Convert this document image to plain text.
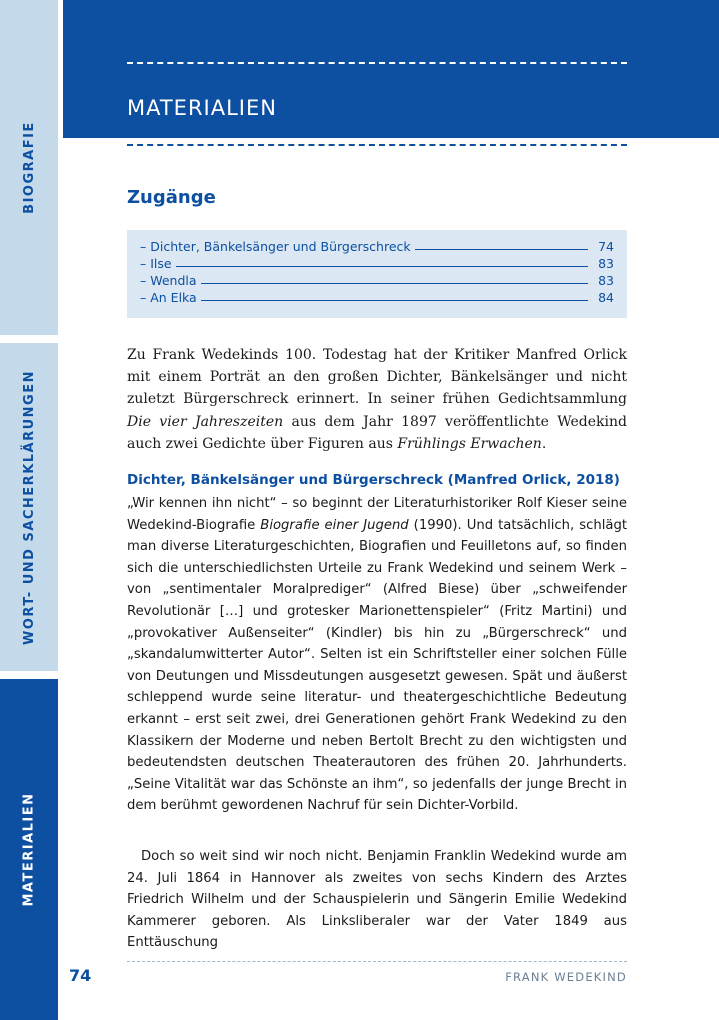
BIOGRAFIE
WORT- UND SACHERKLÄRUNGEN
MATERIALIEN
MATERIALIEN
Zugänge
– Dichter, Bänkelsänger und Bürgerschreck	74
– Ilse	83
– Wendla	83
– An Elka	84
Zu Frank Wedekinds 100. Todestag hat der Kritiker Manfred Orlick mit einem Porträt an den großen Dichter, Bänkelsänger und nicht zuletzt Bürgerschreck erinnert. In seiner frühen Gedichtsammlung Die vier Jahreszeiten aus dem Jahr 1897 veröffentlichte Wedekind auch zwei Gedichte über Figuren aus Frühlings Erwachen.
Dichter, Bänkelsänger und Bürgerschreck (Manfred Orlick, 2018)
„Wir kennen ihn nicht“ – so beginnt der Literaturhistoriker Rolf Kieser seine Wedekind-Biografie Biografie einer Jugend (1990). Und tatsächlich, schlägt man diverse Literaturgeschichten, Biografien und Feuilletons auf, so finden sich die unterschiedlichsten Urteile zu Frank Wedekind und seinem Werk – von „sentimentaler Moralprediger“ (Alfred Biese) über „schweifender Revolutionär […] und grotesker Marionettenspieler“ (Fritz Martini) und „provokativer Außenseiter“ (Kindler) bis hin zu „Bürgerschreck“ und „skandalumwitterter Autor“. Selten ist ein Schriftsteller einer solchen Fülle von Deutungen und Missdeutungen ausgesetzt gewesen. Spät und äußerst schleppend wurde seine literatur- und theatergeschichtliche Bedeutung erkannt – erst seit zwei, drei Generationen gehört Frank Wedekind zu den Klassikern der Moderne und neben Bertolt Brecht zu den wichtigsten und bedeutendsten deutschen Theaterautoren des frühen 20. Jahrhunderts. „Seine Vitalität war das Schönste an ihm“, so jedenfalls der junge Brecht in dem berühmt gewordenen Nachruf für sein Dichter-Vorbild.
Doch so weit sind wir noch nicht. Benjamin Franklin Wedekind wurde am 24. Juli 1864 in Hannover als zweites von sechs Kindern des Arztes Friedrich Wilhelm und der Schauspielerin und Sängerin Emilie Wedekind Kammerer geboren. Als Linksliberaler war der Vater 1849 aus Enttäuschung
74	FRANK WEDEKIND
